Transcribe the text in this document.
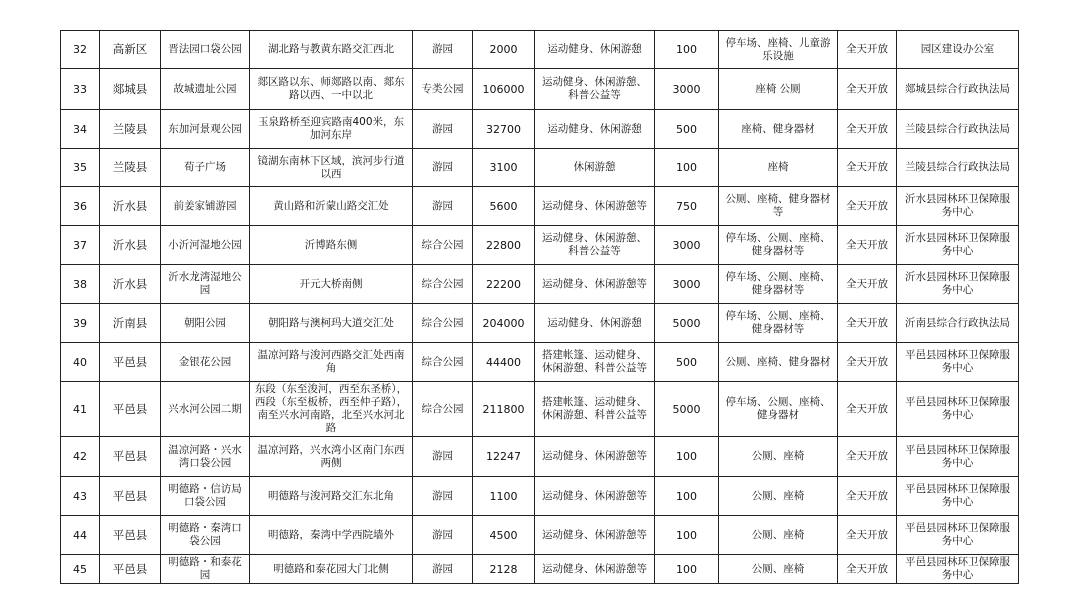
32	高新区	晋法园口袋公园	湖北路与教黄东路交汇西北	游园	2000	运动健身、休闲游憩	100	停车场、座椅、儿童游乐设施	全天开放	园区建设办公室
33	郯城县	故城遗址公园	郯区路以东、师郯路以南、郯东路以西、一中以北	专类公园	106000	运动健身、休闲游憩、科普公益等	3000	座椅 公厕	全天开放	郯城县综合行政执法局
34	兰陵县	东加河景观公园	玉泉路桥至迎宾路南400米，东加河东岸	游园	32700	运动健身、休闲游憩	500	座椅、健身器材	全天开放	兰陵县综合行政执法局
35	兰陵县	荀子广场	镜湖东南林下区域，滨河步行道以西	游园	3100	休闲游憩	100	座椅	全天开放	兰陵县综合行政执法局
36	沂水县	前姜家铺游园	黄山路和沂蒙山路交汇处	游园	5600	运动健身、休闲游憩等	750	公厕、座椅、健身器材等	全天开放	沂水县园林环卫保障服务中心
37	沂水县	小沂河湿地公园	沂博路东侧	综合公园	22800	运动健身、休闲游憩、科普公益等	3000	停车场、公厕、座椅、健身器材等	全天开放	沂水县园林环卫保障服务中心
38	沂水县	沂水龙湾湿地公园	开元大桥南侧	综合公园	22200	运动健身、休闲游憩等	3000	停车场、公厕、座椅、健身器材等	全天开放	沂水县园林环卫保障服务中心
39	沂南县	朝阳公园	朝阳路与澳柯玛大道交汇处	综合公园	204000	运动健身、休闲游憩	5000	停车场、公厕、座椅、健身器材等	全天开放	沂南县综合行政执法局
40	平邑县	金银花公园	温凉河路与浚河西路交汇处西南角	综合公园	44400	搭建帐篷、运动健身、休闲游憩、科普公益等	500	公厕、座椅、健身器材	全天开放	平邑县园林环卫保障服务中心
41	平邑县	兴水河公园二期	东段（东至浚河，西至东圣桥），西段（东至板桥，西至仲子路），南至兴水河南路，北至兴水河北路	综合公园	211800	搭建帐篷、运动健身、休闲游憩、科普公益等	5000	停车场、公厕、座椅、健身器材	全天开放	平邑县园林环卫保障服务中心
42	平邑县	温凉河路・兴水湾口袋公园	温凉河路，兴水湾小区南门东西两侧	游园	12247	运动健身、休闲游憩等	100	公厕、座椅	全天开放	平邑县园林环卫保障服务中心
43	平邑县	明德路・信访局口袋公园	明德路与浚河路交汇东北角	游园	1100	运动健身、休闲游憩等	100	公厕、座椅	全天开放	平邑县园林环卫保障服务中心
44	平邑县	明德路・秦湾口袋公园	明德路，秦湾中学西院墙外	游园	4500	运动健身、休闲游憩等	100	公厕、座椅	全天开放	平邑县园林环卫保障服务中心
45	平邑县	明德路・和泰花园	明德路和泰花园大门北侧	游园	2128	运动健身、休闲游憩等	100	公厕、座椅	全天开放	平邑县园林环卫保障服务中心
